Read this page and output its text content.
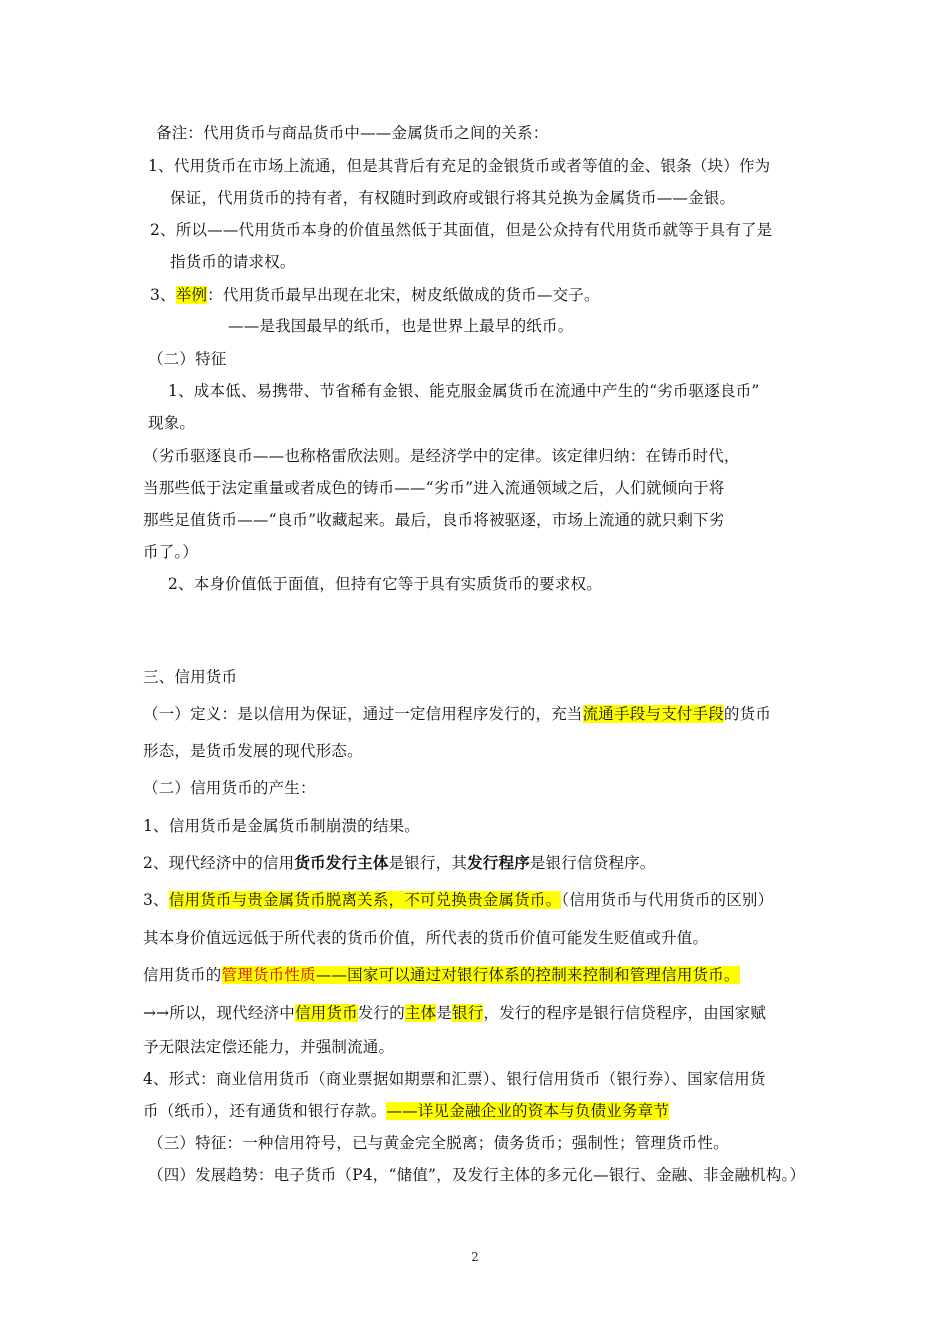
备注：代用货币与商品货币中——金属货币之间的关系：
1、代用货币在市场上流通，但是其背后有充足的金银货币或者等值的金、银条（块）作为
保证，代用货币的持有者，有权随时到政府或银行将其兑换为金属货币——金银。
2、所以——代用货币本身的价值虽然低于其面值，但是公众持有代用货币就等于具有了是
指货币的请求权。
3、举例：代用货币最早出现在北宋，树皮纸做成的货币—交子。
——是我国最早的纸币，也是世界上最早的纸币。
（二）特征
1、成本低、易携带、节省稀有金银、能克服金属货币在流通中产生的“劣币驱逐良币”
现象。
（劣币驱逐良币——也称格雷欣法则。是经济学中的定律。该定律归纳：在铸币时代，
当那些低于法定重量或者成色的铸币——“劣币”进入流通领域之后，人们就倾向于将
那些足值货币——“良币”收藏起来。最后，良币将被驱逐，市场上流通的就只剩下劣
币了。）
2、本身价值低于面值，但持有它等于具有实质货币的要求权。
三、信用货币
（一）定义：是以信用为保证，通过一定信用程序发行的，充当流通手段与支付手段的货币
形态，是货币发展的现代形态。
（二）信用货币的产生：
1、信用货币是金属货币制崩溃的结果。
2、现代经济中的信用货币发行主体是银行，其发行程序是银行信贷程序。
3、信用货币与贵金属货币脱离关系，不可兑换贵金属货币。（信用货币与代用货币的区别）
其本身价值远远低于所代表的货币价值，所代表的货币价值可能发生贬值或升值。
信用货币的管理货币性质——国家可以通过对银行体系的控制来控制和管理信用货币。
→→所以，现代经济中信用货币发行的主体是银行，发行的程序是银行信贷程序，由国家赋
予无限法定偿还能力，并强制流通。
4、形式：商业信用货币（商业票据如期票和汇票）、银行信用货币（银行券）、国家信用货
币（纸币），还有通货和银行存款。——详见金融企业的资本与负债业务章节
（三）特征：一种信用符号，已与黄金完全脱离；债务货币；强制性；管理货币性。
（四）发展趋势：电子货币（P4，“储值”，及发行主体的多元化—银行、金融、非金融机构。）
2
